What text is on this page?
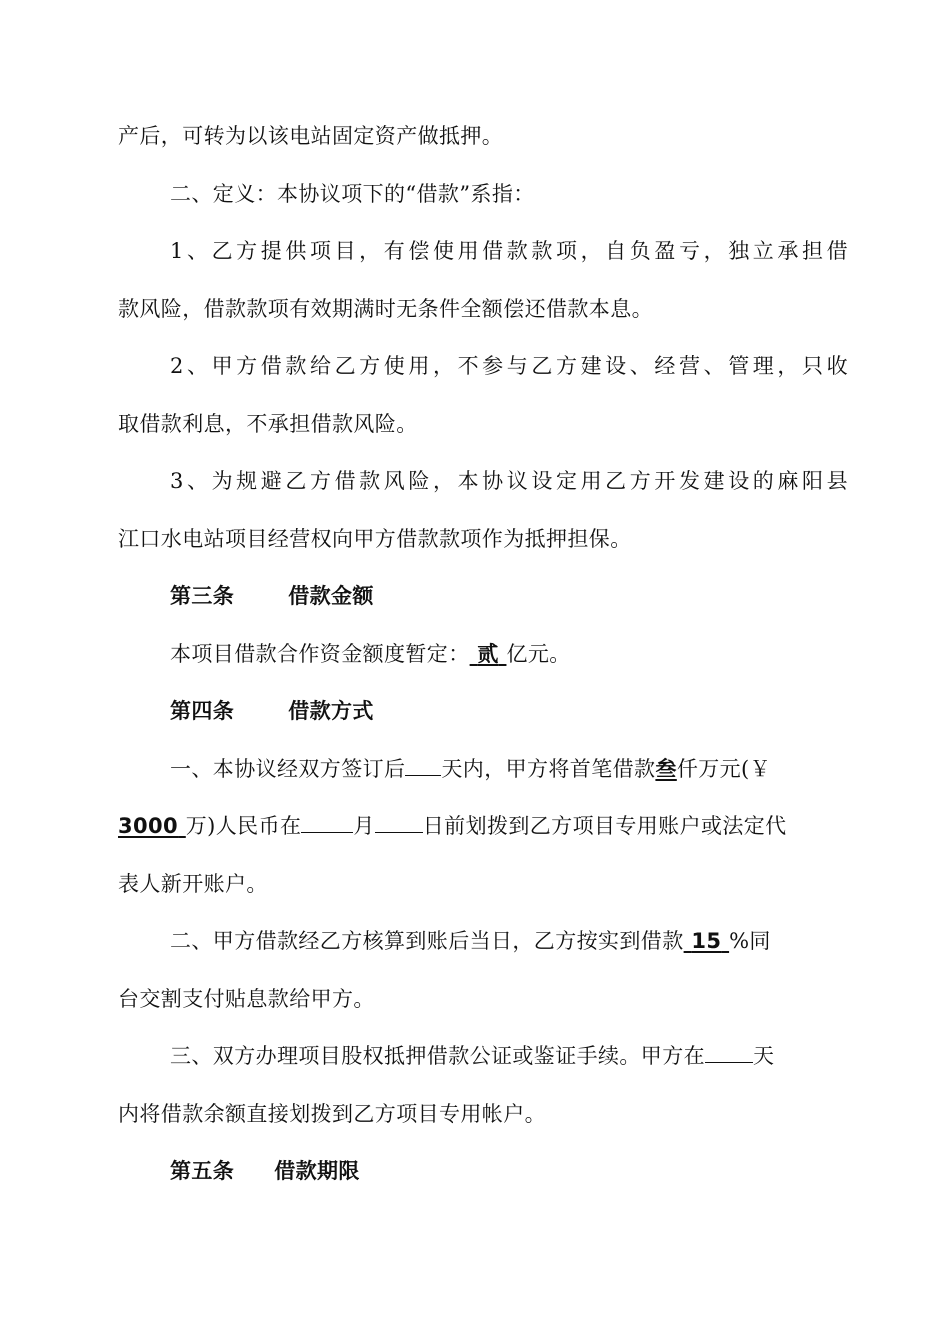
产后，可转为以该电站固定资产做抵押。
二、定义：本协议项下的“借款”系指：
1、乙方提供项目，有偿使用借款款项，自负盈亏，独立承担借
款风险，借款款项有效期满时无条件全额偿还借款本息。
2、甲方借款给乙方使用，不参与乙方建设、经营、管理，只收
取借款利息，不承担借款风险。
3、为规避乙方借款风险，本协议设定用乙方开发建设的麻阳县
江口水电站项目经营权向甲方借款款项作为抵押担保。
第三条	借款金额
本项目借款合作资金额度暂定： 贰 亿元。
第四条	借款方式
一、本协议经双方签订后 天内，甲方将首笔借款叁仟万元(￥
3000 万)人民币在 月 日前划拨到乙方项目专用账户或法定代
表人新开账户。
二、甲方借款经乙方核算到账后当日，乙方按实到借款 15 %同
台交割支付贴息款给甲方。
三、双方办理项目股权抵押借款公证或鉴证手续。甲方在 天
内将借款余额直接划拨到乙方项目专用帐户。
第五条 借款期限
